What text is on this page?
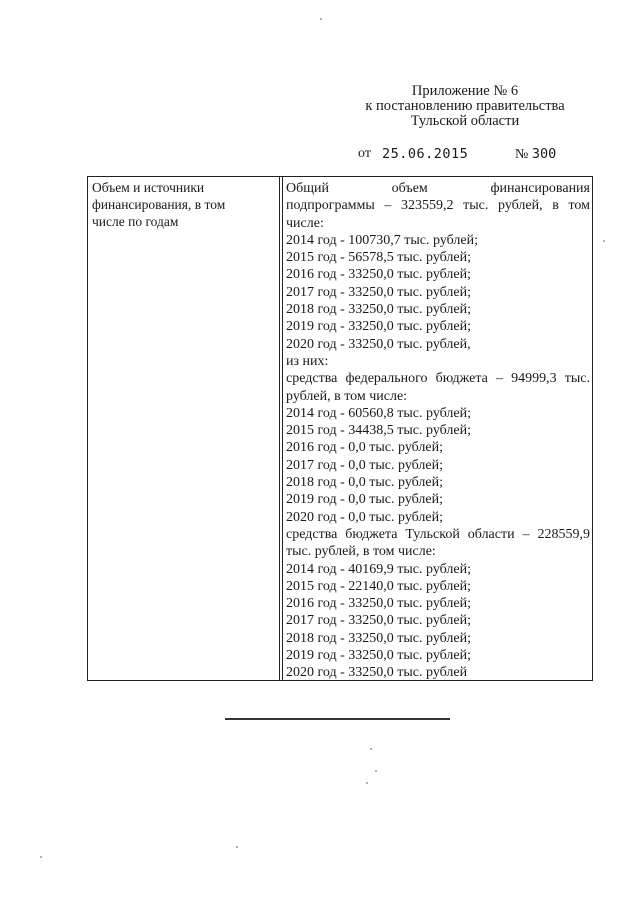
Приложение № 6
к постановлению правительства
Тульской области
от 25.06.2015	№ 300
Объем и источники
финансирования, в том
числе по годам
Общий объем финансирования
подпрограммы – 323559,2 тыс. рублей, в том
числе:
2014 год - 100730,7 тыс. рублей;
2015 год - 56578,5 тыс. рублей;
2016 год - 33250,0 тыс. рублей;
2017 год - 33250,0 тыс. рублей;
2018 год - 33250,0 тыс. рублей;
2019 год - 33250,0 тыс. рублей;
2020 год - 33250,0 тыс. рублей,
из них:
средства федерального бюджета – 94999,3 тыс.
рублей, в том числе:
2014 год - 60560,8 тыс. рублей;
2015 год - 34438,5 тыс. рублей;
2016 год - 0,0 тыс. рублей;
2017 год - 0,0 тыс. рублей;
2018 год - 0,0 тыс. рублей;
2019 год - 0,0 тыс. рублей;
2020 год - 0,0 тыс. рублей;
средства бюджета Тульской области – 228559,9
тыс. рублей, в том числе:
2014 год - 40169,9 тыс. рублей;
2015 год - 22140,0 тыс. рублей;
2016 год - 33250,0 тыс. рублей;
2017 год - 33250,0 тыс. рублей;
2018 год - 33250,0 тыс. рублей;
2019 год - 33250,0 тыс. рублей;
2020 год - 33250,0 тыс. рублей
